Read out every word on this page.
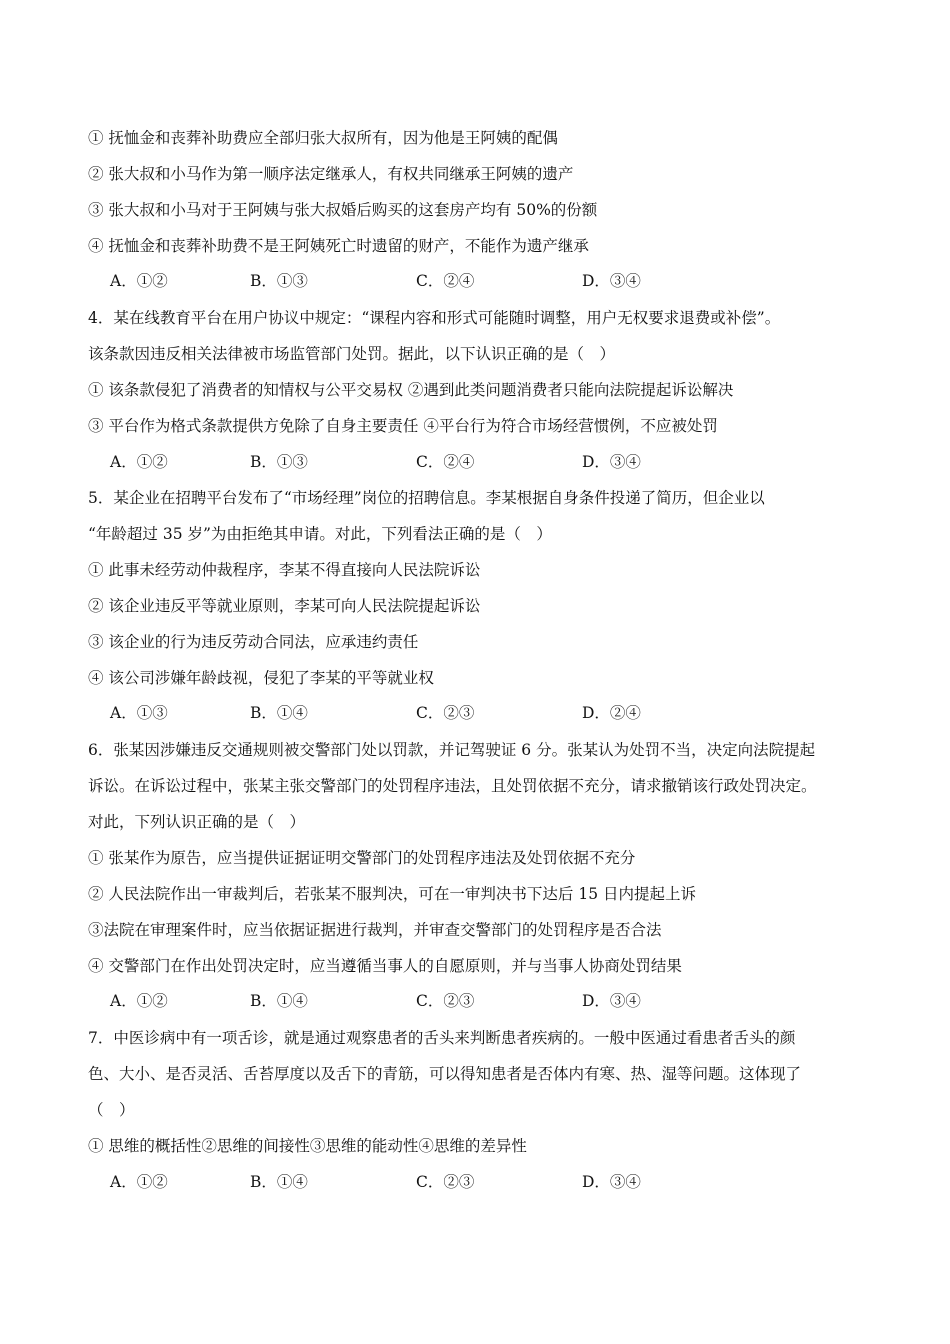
① 抚恤金和丧葬补助费应全部归张大叔所有，因为他是王阿姨的配偶
② 张大叔和小马作为第一顺序法定继承人，有权共同继承王阿姨的遗产
③ 张大叔和小马对于王阿姨与张大叔婚后购买的这套房产均有 50%的份额
④ 抚恤金和丧葬补助费不是王阿姨死亡时遗留的财产，不能作为遗产继承
A．①②	B．①③	C．②④	D．③④
4．某在线教育平台在用户协议中规定：“课程内容和形式可能随时调整，用户无权要求退费或补偿”。
该条款因违反相关法律被市场监管部门处罚。据此，以下认识正确的是（　）
① 该条款侵犯了消费者的知情权与公平交易权 ②遇到此类问题消费者只能向法院提起诉讼解决
③ 平台作为格式条款提供方免除了自身主要责任 ④平台行为符合市场经营惯例，不应被处罚
A．①②	B．①③	C．②④	D．③④
5．某企业在招聘平台发布了“市场经理”岗位的招聘信息。李某根据自身条件投递了简历，但企业以
“年龄超过 35 岁”为由拒绝其申请。对此，下列看法正确的是（　）
① 此事未经劳动仲裁程序，李某不得直接向人民法院诉讼
② 该企业违反平等就业原则，李某可向人民法院提起诉讼
③ 该企业的行为违反劳动合同法，应承违约责任
④ 该公司涉嫌年龄歧视，侵犯了李某的平等就业权
A．①③	B．①④	C．②③	D．②④
6．张某因涉嫌违反交通规则被交警部门处以罚款，并记驾驶证 6 分。张某认为处罚不当，决定向法院提起
诉讼。在诉讼过程中，张某主张交警部门的处罚程序违法，且处罚依据不充分，请求撤销该行政处罚决定。
对此，下列认识正确的是（　）
① 张某作为原告，应当提供证据证明交警部门的处罚程序违法及处罚依据不充分
② 人民法院作出一审裁判后，若张某不服判决，可在一审判决书下达后 15 日内提起上诉
③法院在审理案件时，应当依据证据进行裁判，并审查交警部门的处罚程序是否合法
④ 交警部门在作出处罚决定时，应当遵循当事人的自愿原则，并与当事人协商处罚结果
A．①②	B．①④	C．②③	D．③④
7．中医诊病中有一项舌诊，就是通过观察患者的舌头来判断患者疾病的。一般中医通过看患者舌头的颜
色、大小、是否灵活、舌苔厚度以及舌下的青筋，可以得知患者是否体内有寒、热、湿等问题。这体现了
（　）
① 思维的概括性②思维的间接性③思维的能动性④思维的差异性
A．①②	B．①④	C．②③	D．③④
